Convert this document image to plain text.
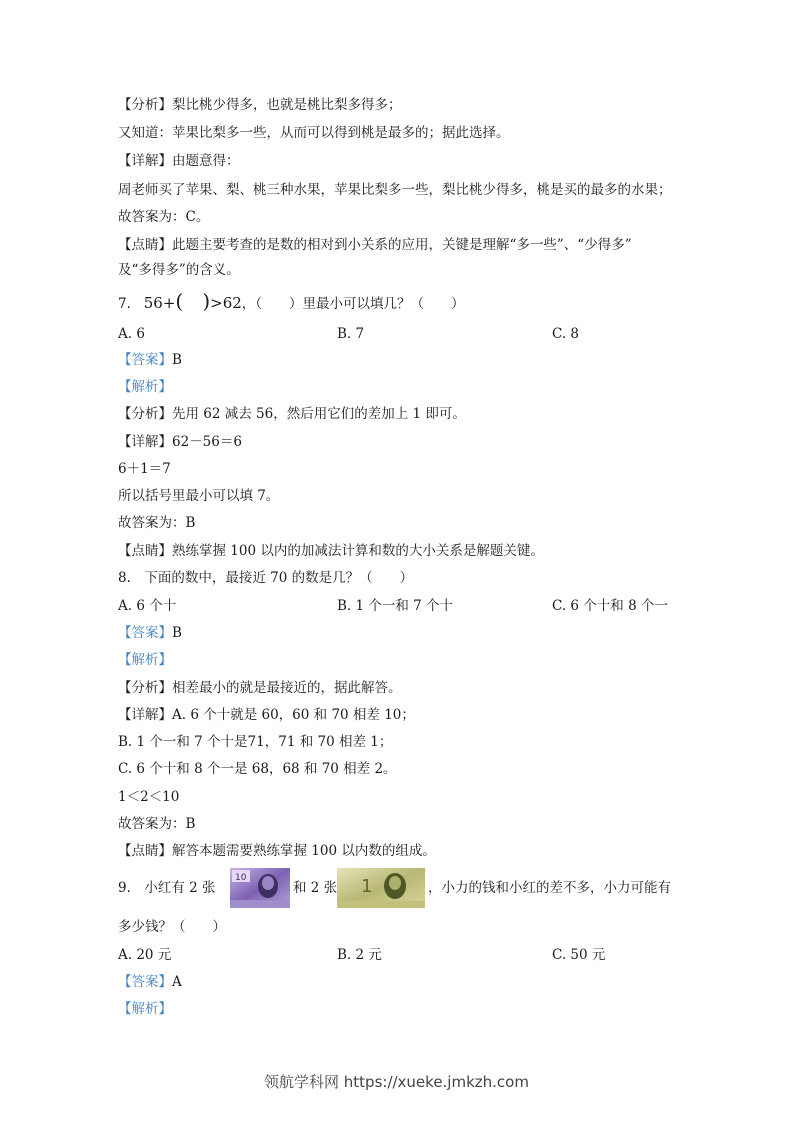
【分析】梨比桃少得多，也就是桃比梨多得多；
又知道：苹果比梨多一些，从而可以得到桃是最多的；据此选择。
【详解】由题意得：
周老师买了苹果、梨、桃三种水果，苹果比梨多一些，梨比桃少得多，桃是买的最多的水果；
故答案为：C。
【点睛】此题主要考查的是数的相对到小关系的应用，关键是理解“多一些”、“少得多”
及“多得多”的含义。
7. 56+( )>62，（　　）里最小可以填几？（　　）
A. 6	B. 7	C. 8
【答案】B
【解析】
【分析】先用 62 减去 56，然后用它们的差加上 1 即可。
【详解】62－56＝6
6＋1＝7
所以括号里最小可以填 7。
故答案为：B
【点睛】熟练掌握 100 以内的加减法计算和数的大小关系是解题关键。
8.　下面的数中，最接近 70 的数是几？（　　）
A. 6 个十	B. 1 个一和 7 个十	C. 6 个十和 8 个一
【答案】B
【解析】
【分析】相差最小的就是最接近的，据此解答。
【详解】A. 6 个十就是 60，60 和 70 相差 10；
B. 1 个一和 7 个十是71，71 和 70 相差 1；
C. 6 个十和 8 个一是 68，68 和 70 相差 2。
1＜2＜10
故答案为：B
【点睛】解答本题需要熟练掌握 100 以内数的组成。
9.　小红有 2 张
10
和 2 张 1	，小力的钱和小红的差不多，小力可能有
多少钱？（　　）
A. 20 元	B. 2 元	C. 50 元
【答案】A
【解析】
领航学科网 https://xueke.jmkzh.com
